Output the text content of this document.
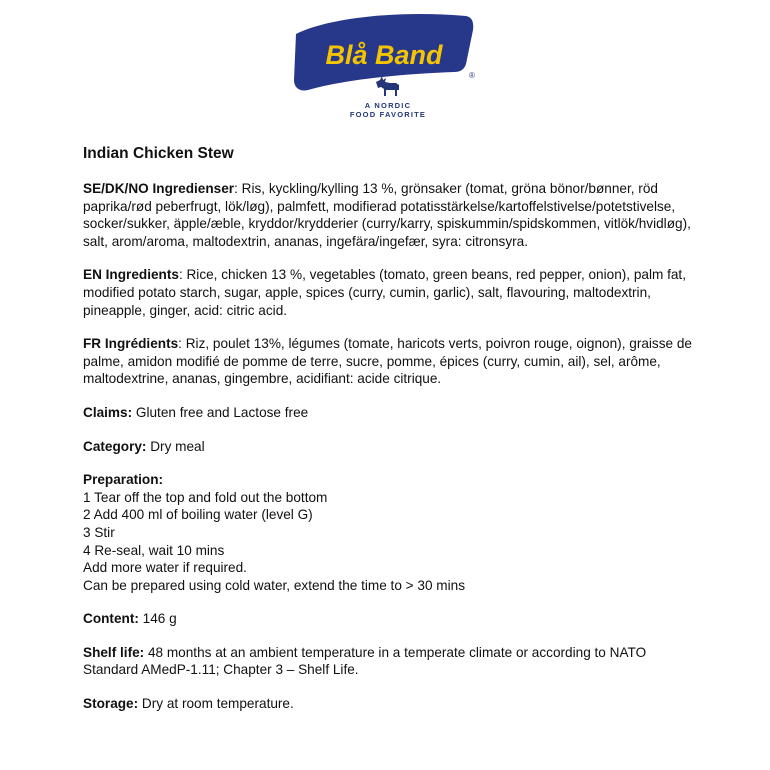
Blå Band
®
A NORDIC
FOOD FAVORITE
Indian Chicken Stew
SE/DK/NO Ingredienser: Ris, kyckling/kylling 13 %, grönsaker (tomat, gröna bönor/bønner, röd paprika/rød peberfrugt, lök/løg), palmfett, modifierad potatisstärkelse/kartoffelstivelse/potetstivelse, socker/sukker, äpple/æble, kryddor/krydderier (curry/karry, spiskummin/spidskommen, vitlök/hvidløg), salt, arom/aroma, maltodextrin, ananas, ingefära/ingefær, syra: citronsyra.
EN Ingredients: Rice, chicken 13 %, vegetables (tomato, green beans, red pepper, onion), palm fat, modified potato starch, sugar, apple, spices (curry, cumin, garlic), salt, flavouring, maltodextrin, pineapple, ginger, acid: citric acid.
FR Ingrédients: Riz, poulet 13%, légumes (tomate, haricots verts, poivron rouge, oignon), graisse de palme, amidon modifié de pomme de terre, sucre, pomme, épices (curry, cumin, ail), sel, arôme, maltodextrine, ananas, gingembre, acidifiant: acide citrique.
Claims: Gluten free and Lactose free
Category: Dry meal
Preparation:
1 Tear off the top and fold out the bottom
2 Add 400 ml of boiling water (level G)
3 Stir
4 Re-seal, wait 10 mins
Add more water if required.
Can be prepared using cold water, extend the time to > 30 mins
Content: 146 g
Shelf life: 48 months at an ambient temperature in a temperate climate or according to NATO Standard AMedP-1.11; Chapter 3 – Shelf Life.
Storage: Dry at room temperature.
